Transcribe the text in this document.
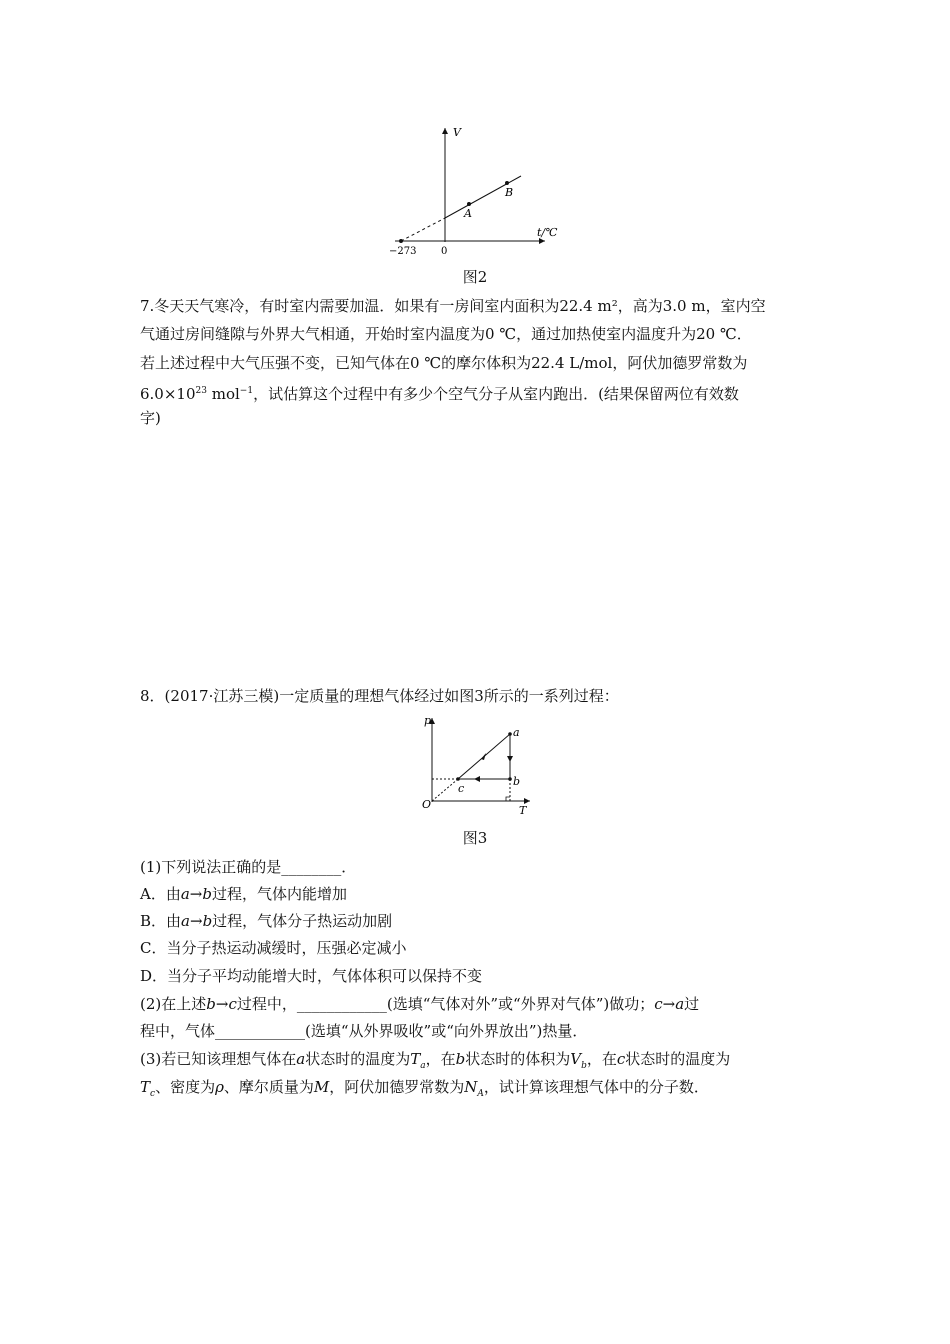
V
t/℃
0
−273
A
B
图2
7.冬天天气寒冷，有时室内需要加温．如果有一房间室内面积为22.4 m²，高为3.0 m，室内空
气通过房间缝隙与外界大气相通，开始时室内温度为0 ℃，通过加热使室内温度升为20 ℃．
若上述过程中大气压强不变，已知气体在0 ℃的摩尔体积为22.4 L/mol，阿伏加德罗常数为
$6.0\times 10^{23}$ mol$^{-1}$，试估算这个过程中有多少个空气分子从室内跑出．(结果保留两位有效数
字)
8．(2017·江苏三模)一定质量的理想气体经过如图3所示的一系列过程：
p
T
O
a
b
c
图3
(1)下列说法正确的是________．
A．由a→b过程，气体内能增加
B．由a→b过程，气体分子热运动加剧
C．当分子热运动减缓时，压强必定减小
D．当分子平均动能增大时，气体体积可以保持不变
(2)在上述b→c过程中，____________(选填“气体对外”或“外界对气体”)做功；c→a过
程中，气体____________(选填“从外界吸收”或“向外界放出”)热量．
(3)若已知该理想气体在a状态时的温度为$T_a$，在b状态时的体积为$V_b$，在c状态时的温度为
$T_c$、密度为ρ、摩尔质量为M，阿伏加德罗常数为$N_A$，试计算该理想气体中的分子数．
